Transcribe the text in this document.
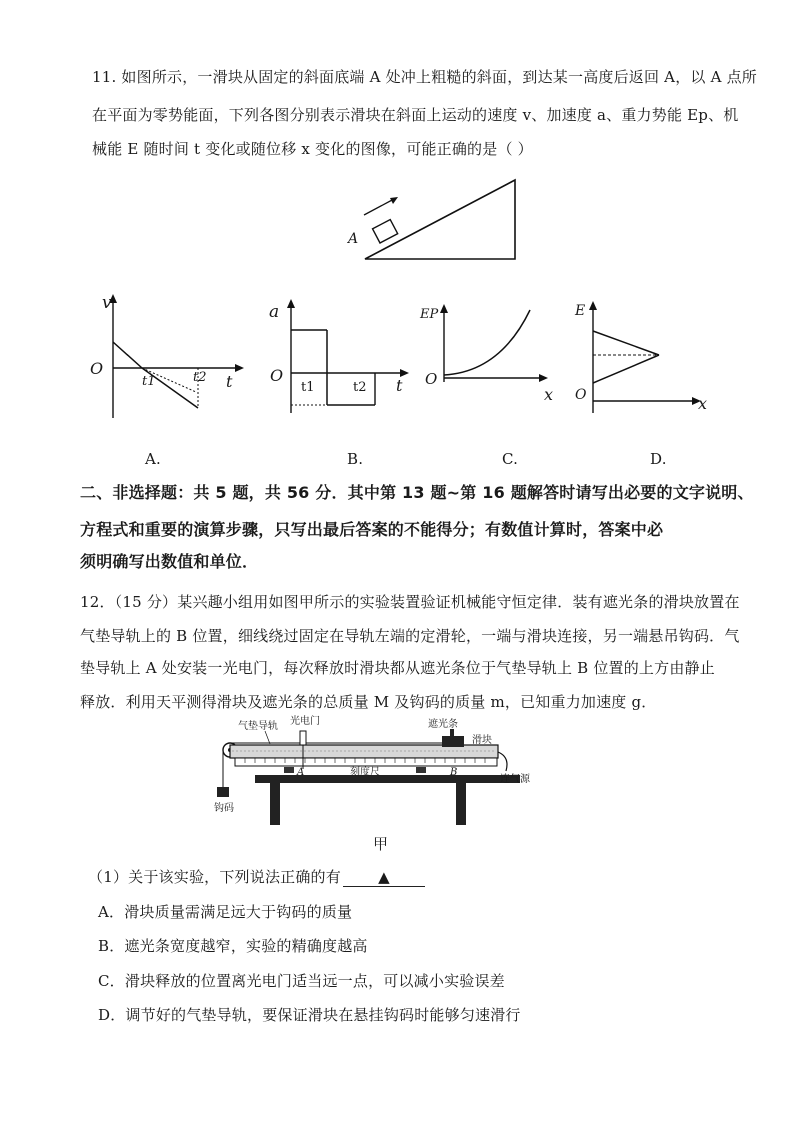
11. 如图所示，一滑块从固定的斜面底端 A 处冲上粗糙的斜面，到达某一高度后返回 A，以 A 点所
在平面为零势能面，下列各图分别表示滑块在斜面上运动的速度 v、加速度 a、重力势能 Ep、机
械能 E 随时间 t 变化或随位移 x 变化的图像，可能正确的是（ ）
A
v
O
t1	t2 t
A.
a
O
t1	t2 t
B.
EP
O
x
C.
E
O	x
D.
二、非选择题：共 5 题，共 56 分．其中第 13 题~第 16 题解答时请写出必要的文字说明、
方程式和重要的演算步骤，只写出最后答案的不能得分；有数值计算时，答案中必
须明确写出数值和单位．
12．（15 分）某兴趣小组用如图甲所示的实验装置验证机械能守恒定律．装有遮光条的滑块放置在
气垫导轨上的 B 位置，细线绕过固定在导轨左端的定滑轮，一端与滑块连接，另一端悬吊钩码．气
垫导轨上 A 处安装一光电门，每次释放时滑块都从遮光条位于气垫导轨上 B 位置的上方由静止
释放．利用天平测得滑块及遮光条的总质量 M 及钩码的质量 m，已知重力加速度 g．
钩码
气垫导轨 光电门	遮光条
滑块
A	刻度尺	B
连气源
甲
（1）关于该实验，下列说法正确的有 ▲
A．滑块质量需满足远大于钩码的质量
B．遮光条宽度越窄，实验的精确度越高
C．滑块释放的位置离光电门适当远一点，可以减小实验误差
D．调节好的气垫导轨，要保证滑块在悬挂钩码时能够匀速滑行
